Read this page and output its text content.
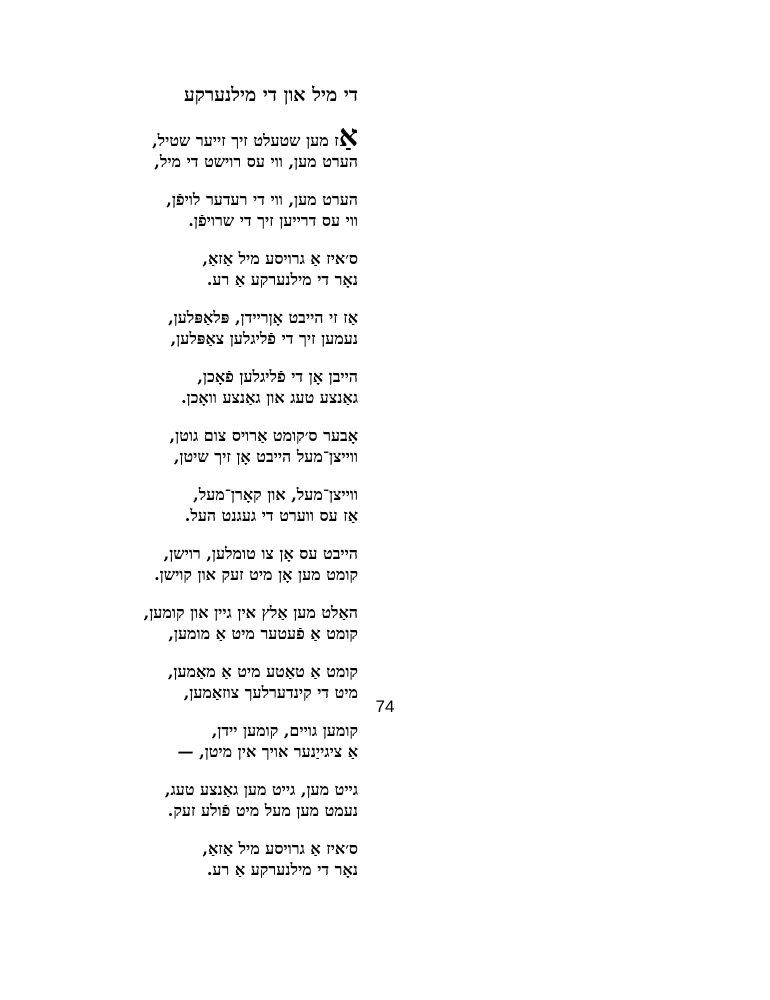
די מיל און די מילנערקע
אַז מען שטעלט זיך זייער שטיל,
הערט מען, ווי עס רוישט די מיל,
הערט מען, ווי די רעדער לויפֿן,
ווי עס דרייען זיך די שרויפֿן.
ס׳איז אַ גרויסע מיל אַזאַ,
נאָר די מילנערקע אַ רע.
אַז זי הייבט אָןריידן, פּלאַפּלען,
נעמען זיך די פֿליגלען צאַפּלען,
הייבן אָן די פֿליגלען פֿאָכן,
גאַנצע טעג און גאַנצע וואָכן.
אָבער ס׳קומט אַרויס צום גוטן,
ווייצן־מעל הייבט אָן זיך שיטן,
ווייצן־מעל, און קאָרן־מעל,
אַז עס ווערט די געגנט העל.
הייבט עס אָן צו טומלען, רוישן,
קומט מען אָן מיט זעק און קוישן.
האַלט מען אַלץ אין גיין און קומען,
קומט אַ פֿעטער מיט אַ מומען,
קומט אַ טאַטע מיט אַ מאַמען,
מיט די קינדערלעך צוזאַמען,
קומען גויים, קומען יידן,
אַ ציגייַנער אויך אין מיטן, —
גייט מען, גייט מען גאַנצע טעג,
נעמט מען מעל מיט פֿולע זעק.
ס׳איז אַ גרויסע מיל אַזאַ,
נאָר די מילנערקע אַ רע.
74
